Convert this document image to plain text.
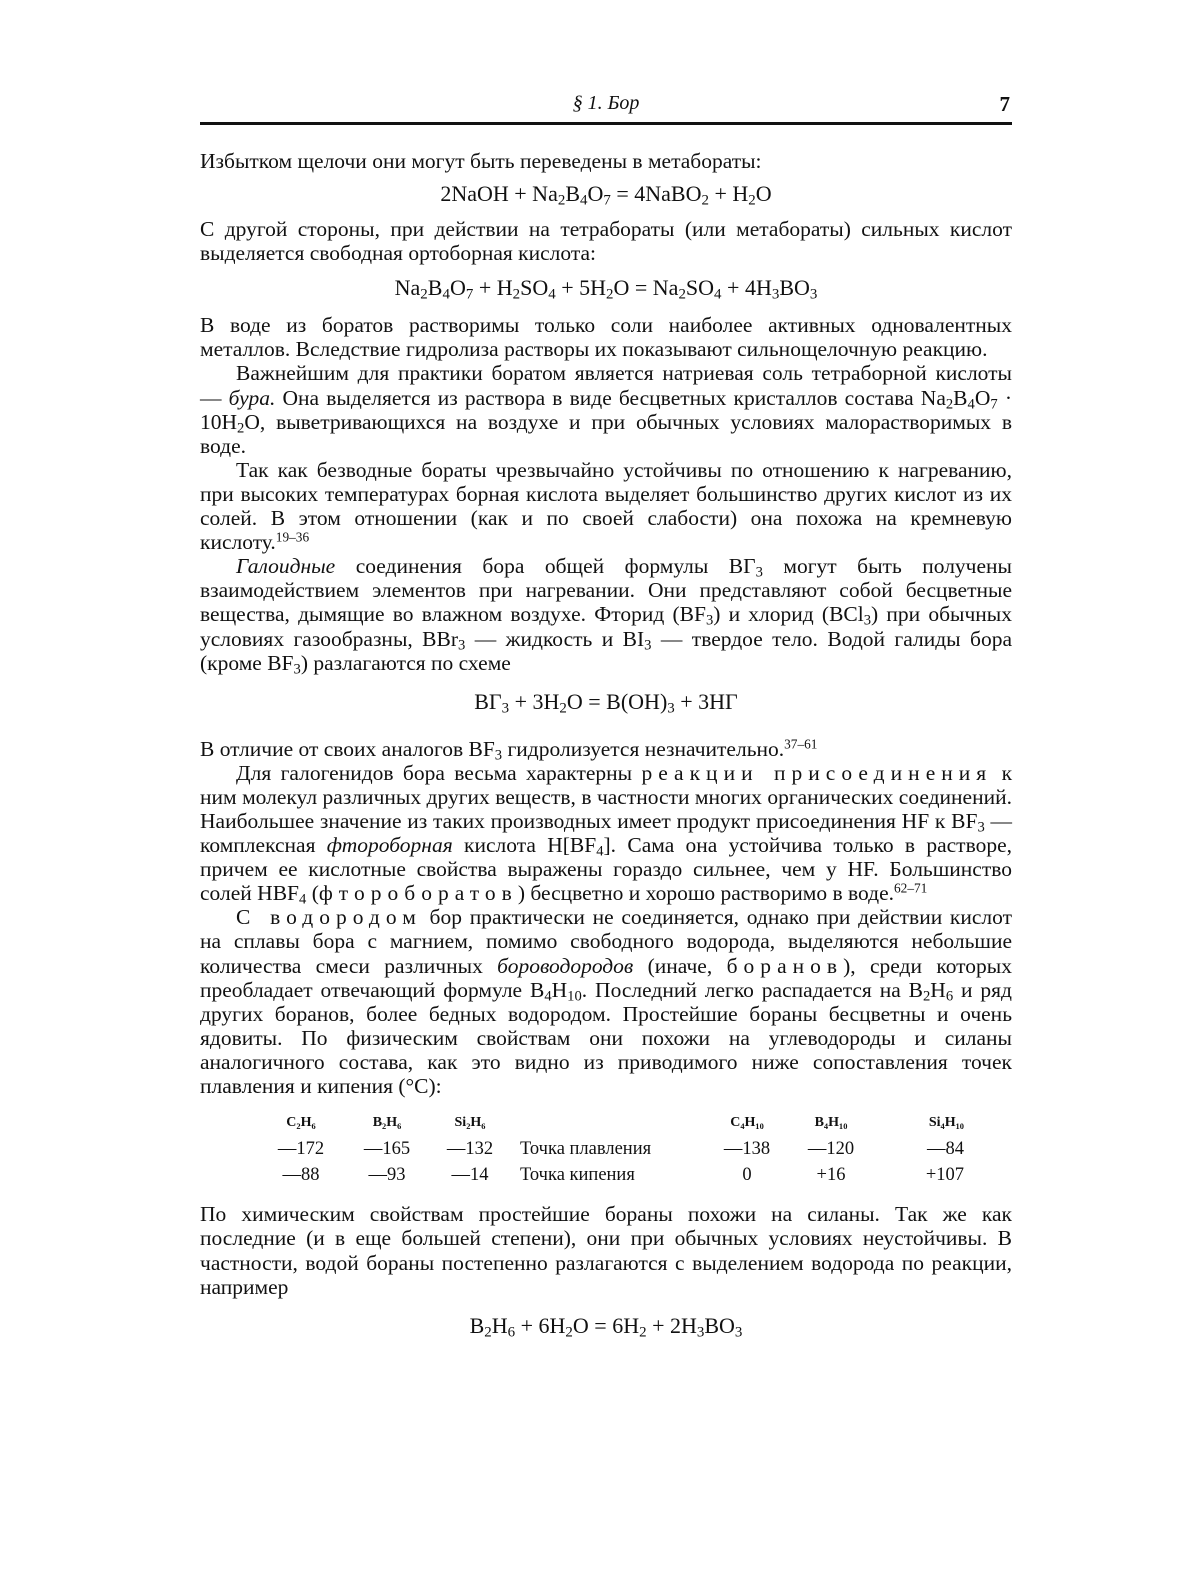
§ 1. Бор	7

Избытком щелочи они могут быть переведены в метабораты:

2NaOH + $Na_2B_4O_7$ = 4NaBO$_2$ + $H_2O$

С другой стороны, при действии на тетрабораты (или метабораты) сильных кислот выделяется свободная ортоборная кислота:

$Na_2B_4O_7 + H_2SO_4 + 5H_2O = Na_2SO_4 + 4H_3BO_3$

В воде из боратов растворимы только соли наиболее активных одновалентных металлов. Вследствие гидролиза растворы их показывают сильнощелочную реакцию.

Важнейшим для практики боратом является натриевая соль тетраборной кислоты — бура. Она выделяется из раствора в виде бесцветных кристаллов состава $Na_2B_4O_7 \cdot 10H_2O$, выветривающихся на воздухе и при обычных условиях малорастворимых в воде.

Так как безводные бораты чрезвычайно устойчивы по отношению к нагреванию, при высоких температурах борная кислота выделяет большинство других кислот из их солей. В этом отношении (как и по своей слабости) она похожа на кремневую кислоту.$^{19-36}$

Галоидные соединения бора общей формулы $B\Gamma_3$ могут быть получены взаимодействием элементов при нагревании. Они представляют собой бесцветные вещества, дымящие во влажном воздухе. Фторид $(BF_3)$ и хлорид (BCl$_3$) при обычных условиях газообразны, BBr$_3$ — жидкость и $BI_3$ — твердое тело. Водой галиды бора (кроме $BF_3$) разлагаются по схеме

$B\Gamma_3 + 3H_2O = B(OH)_3 + 3H\Gamma$

В отличие от своих аналогов $BF_3$ гидролизуется незначительно.$^{37-61}$

Для галогенидов бора весьма характерны реакции присоединения к ним молекул различных других веществ, в частности многих органических соединений. Наибольшее значение из таких производных имеет продукт присоединения HF к $BF_3$ — комплексная фтороборная кислота $H[BF_4]$. Сама она устойчива только в растворе, причем ее кислотные свойства выражены гораздо сильнее, чем у HF. Большинство солей $HBF_4$ (фтороборатов) бесцветно и хорошо растворимо в воде.$^{62-71}$

С водородом бор практически не соединяется, однако при действии кислот на сплавы бора с магнием, помимо свободного водорода, выделяются небольшие количества смеси различных бороводородов (иначе, боранов), среди которых преобладает отвечающий формуле $B_4H_{10}$. Последний легко распадается на $B_2H_6$ и ряд других боранов, более бедных водородом. Простейшие бораны бесцветны и очень ядовиты. По физическим свойствам они похожи на углеводороды и силаны аналогичного состава, как это видно из приводимого ниже сопоставления точек плавления и кипения (°C):

C₂H₆	B₂H₆	Si₂H₆		C₄H₁₀	B₄H₁₀	Si₄H₁₀
—172	—165	—132	Точка плавления	—138	—120	—84
—88	—93	—14	Точка кипения	0	+16	+107

По химическим свойствам простейшие бораны похожи на силаны. Так же как последние (и в еще большей степени), они при обычных условиях неустойчивы. В частности, водой бораны постепенно разлагаются с выделением водорода по реакции, например

$B_2H_6 + 6H_2O = 6H_2 + 2H_3BO_3$
